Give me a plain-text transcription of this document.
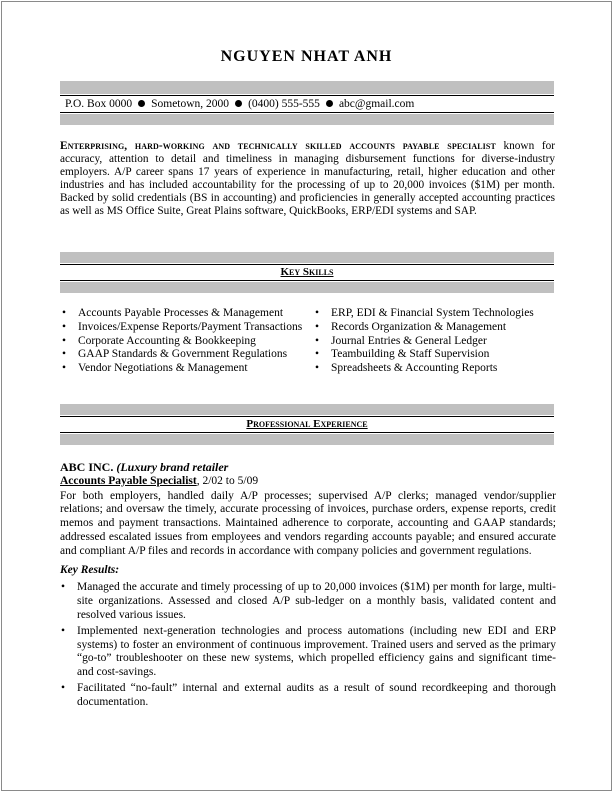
NGUYEN NHAT ANH
P.O. Box 0000 Sometown, 2000 (0400) 555-555 abc@gmail.com
Enterprising, hard-working and technically skilled accounts payable specialist known for accuracy, attention to detail and timeliness in managing disbursement functions for diverse-industry employers. A/P career spans 17 years of experience in manufacturing, retail, higher education and other industries and has included accountability for the processing of up to 20,000 invoices ($1M) per month. Backed by solid credentials (BS in accounting) and proficiencies in generally accepted accounting practices as well as MS Office Suite, Great Plains software, QuickBooks, ERP/EDI systems and SAP.
Key Skills
• Accounts Payable Processes & Management
• Invoices/Expense Reports/Payment Transactions
• Corporate Accounting & Bookkeeping
• GAAP Standards & Government Regulations
• Vendor Negotiations & Management
• ERP, EDI & Financial System Technologies
• Records Organization & Management
• Journal Entries & General Ledger
• Teambuilding & Staff Supervision
• Spreadsheets & Accounting Reports
Professional Experience
ABC INC. (Luxury brand retailer
Accounts Payable Specialist, 2/02 to 5/09
For both employers, handled daily A/P processes; supervised A/P clerks; managed vendor/supplier relations; and oversaw the timely, accurate processing of invoices, purchase orders, expense reports, credit memos and payment transactions. Maintained adherence to corporate, accounting and GAAP standards; addressed escalated issues from employees and vendors regarding accounts payable; and ensured accurate and compliant A/P files and records in accordance with company policies and government regulations.
Key Results:
• Managed the accurate and timely processing of up to 20,000 invoices ($1M) per month for large, multi-site organizations. Assessed and closed A/P sub-ledger on a monthly basis, validated content and resolved various issues.
• Implemented next-generation technologies and process automations (including new EDI and ERP systems) to foster an environment of continuous improvement. Trained users and served as the primary “go-to” troubleshooter on these new systems, which propelled efficiency gains and significant time- and cost-savings.
• Facilitated “no-fault” internal and external audits as a result of sound recordkeeping and thorough documentation.
